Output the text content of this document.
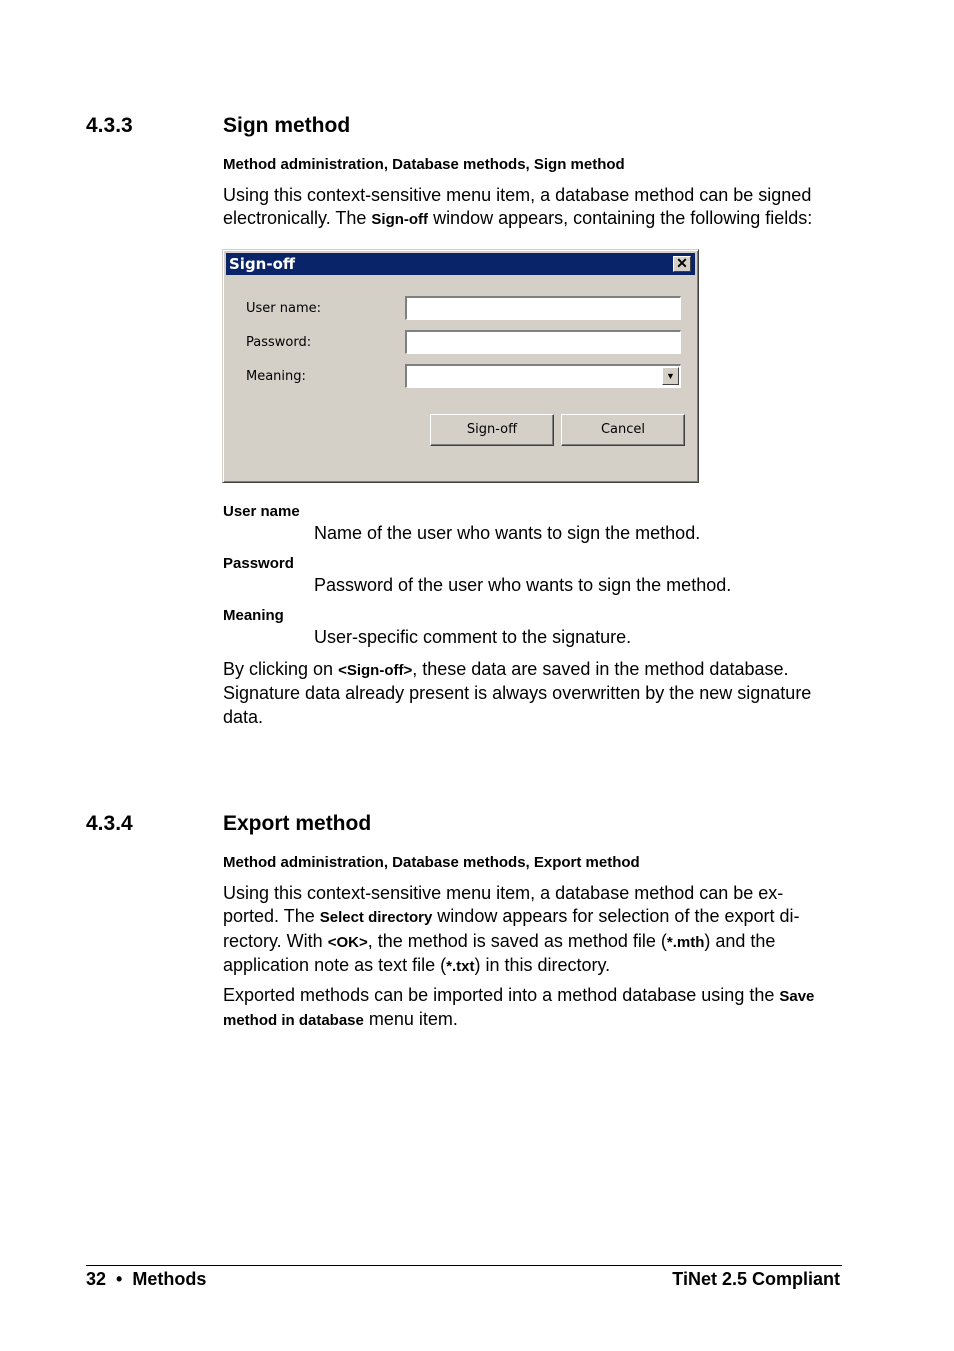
4.3.3	Sign method
Method administration, Database methods, Sign method
Using this context-sensitive menu item, a database method can be signed electronically. The Sign-off window appears, containing the following fields:
Sign-off	✕
User name:
Password:
Meaning:	▼
Sign-off	Cancel
User name
Name of the user who wants to sign the method.
Password
Password of the user who wants to sign the method.
Meaning
User-specific comment to the signature.
By clicking on <Sign-off>, these data are saved in the method database. Signature data already present is always overwritten by the new signature data.
4.3.4	Export method
Method administration, Database methods, Export method
Using this context-sensitive menu item, a database method can be ex-ported. The Select directory window appears for selection of the export di-rectory. With <OK>, the method is saved as method file (*.mth) and the application note as text file (*.txt) in this directory.
Exported methods can be imported into a method database using the Save method in database menu item.
32 • Methods	TiNet 2.5 Compliant
